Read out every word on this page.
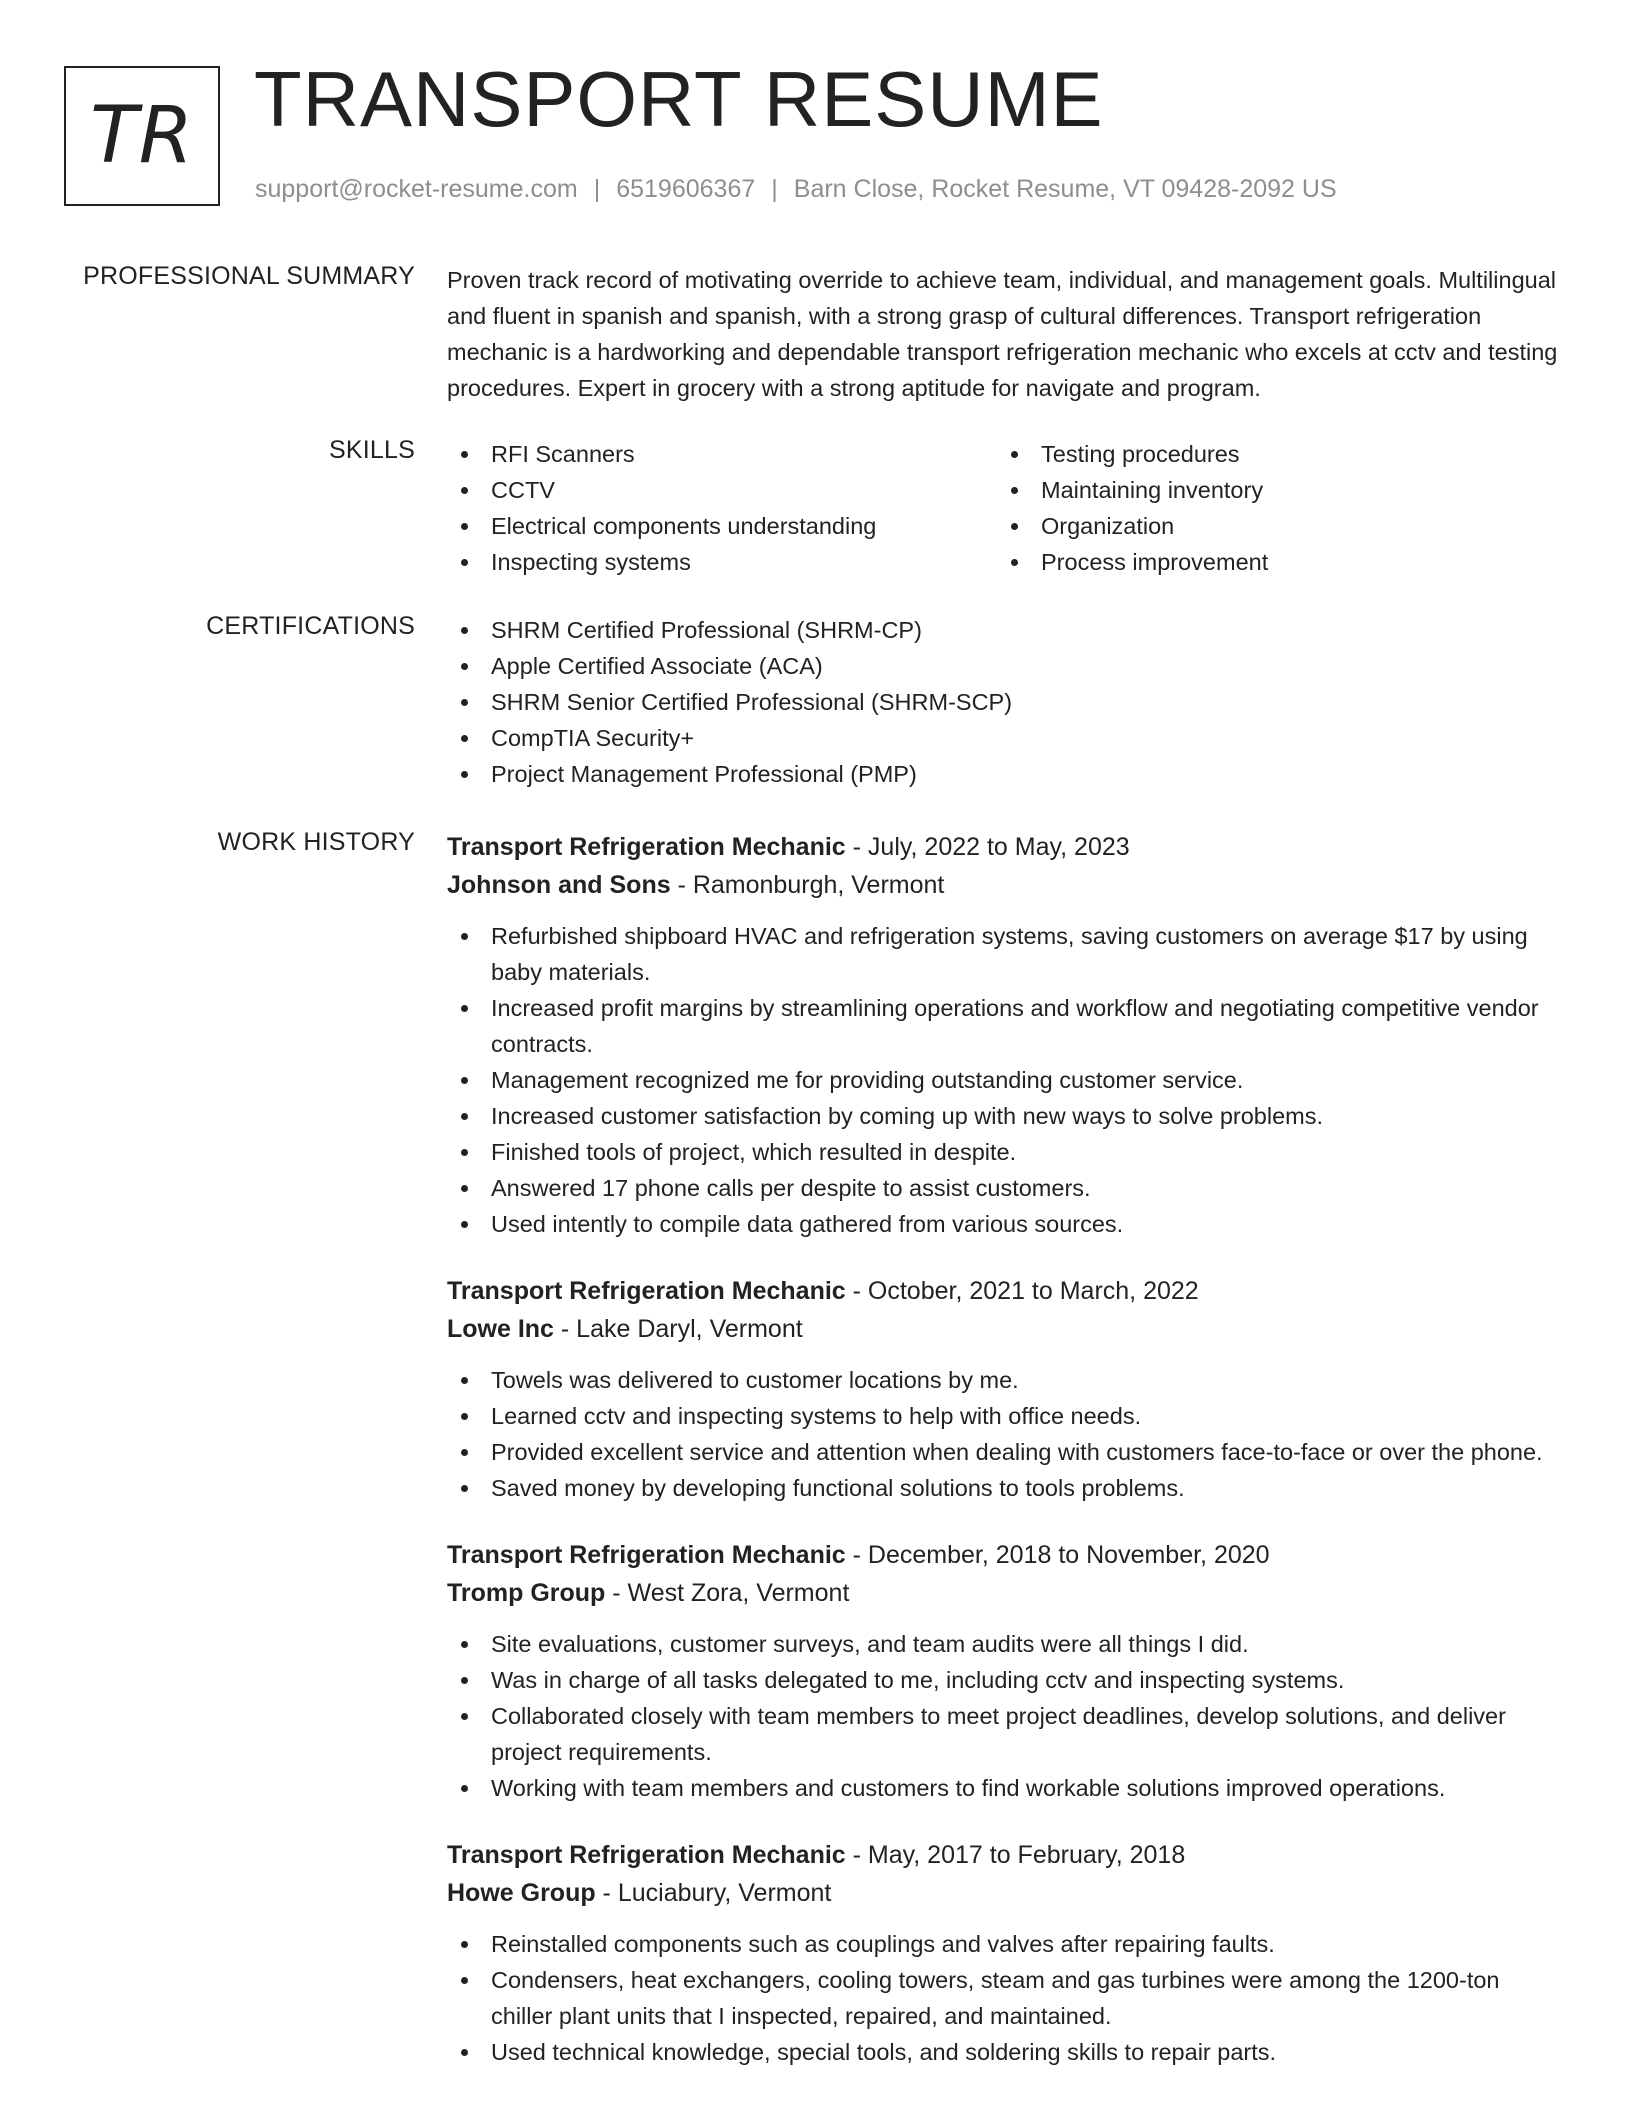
TR TRANSPORT RESUME
support@rocket-resume.com | 6519606367 | Barn Close, Rocket Resume, VT 09428-2092 US
PROFESSIONAL SUMMARY Proven track record of motivating override to achieve team, individual, and management goals. Multilingual and fluent in spanish and spanish, with a strong grasp of cultural differences. Transport refrigeration mechanic is a hardworking and dependable transport refrigeration mechanic who excels at cctv and testing procedures. Expert in grocery with a strong aptitude for navigate and program.
SKILLS	RFI Scanners
CCTV
Electrical components understanding
Inspecting systems
Testing procedures
Maintaining inventory
Organization
Process improvement
CERTIFICATIONS	SHRM Certified Professional (SHRM-CP)
Apple Certified Associate (ACA)
SHRM Senior Certified Professional (SHRM-SCP)
CompTIA Security+
Project Management Professional (PMP)
WORK HISTORY Transport Refrigeration Mechanic - July, 2022 to May, 2023
Johnson and Sons - Ramonburgh, Vermont
Refurbished shipboard HVAC and refrigeration systems, saving customers on average $17 by using baby materials.
Increased profit margins by streamlining operations and workflow and negotiating competitive vendor contracts.
Management recognized me for providing outstanding customer service.
Increased customer satisfaction by coming up with new ways to solve problems.
Finished tools of project, which resulted in despite.
Answered 17 phone calls per despite to assist customers.
Used intently to compile data gathered from various sources.
Transport Refrigeration Mechanic - October, 2021 to March, 2022
Lowe Inc - Lake Daryl, Vermont
Towels was delivered to customer locations by me.
Learned cctv and inspecting systems to help with office needs.
Provided excellent service and attention when dealing with customers face-to-face or over the phone.
Saved money by developing functional solutions to tools problems.
Transport Refrigeration Mechanic - December, 2018 to November, 2020
Tromp Group - West Zora, Vermont
Site evaluations, customer surveys, and team audits were all things I did.
Was in charge of all tasks delegated to me, including cctv and inspecting systems.
Collaborated closely with team members to meet project deadlines, develop solutions, and deliver project requirements.
Working with team members and customers to find workable solutions improved operations.
Transport Refrigeration Mechanic - May, 2017 to February, 2018
Howe Group - Luciabury, Vermont
Reinstalled components such as couplings and valves after repairing faults.
Condensers, heat exchangers, cooling towers, steam and gas turbines were among the 1200-ton chiller plant units that I inspected, repaired, and maintained.
Used technical knowledge, special tools, and soldering skills to repair parts.
